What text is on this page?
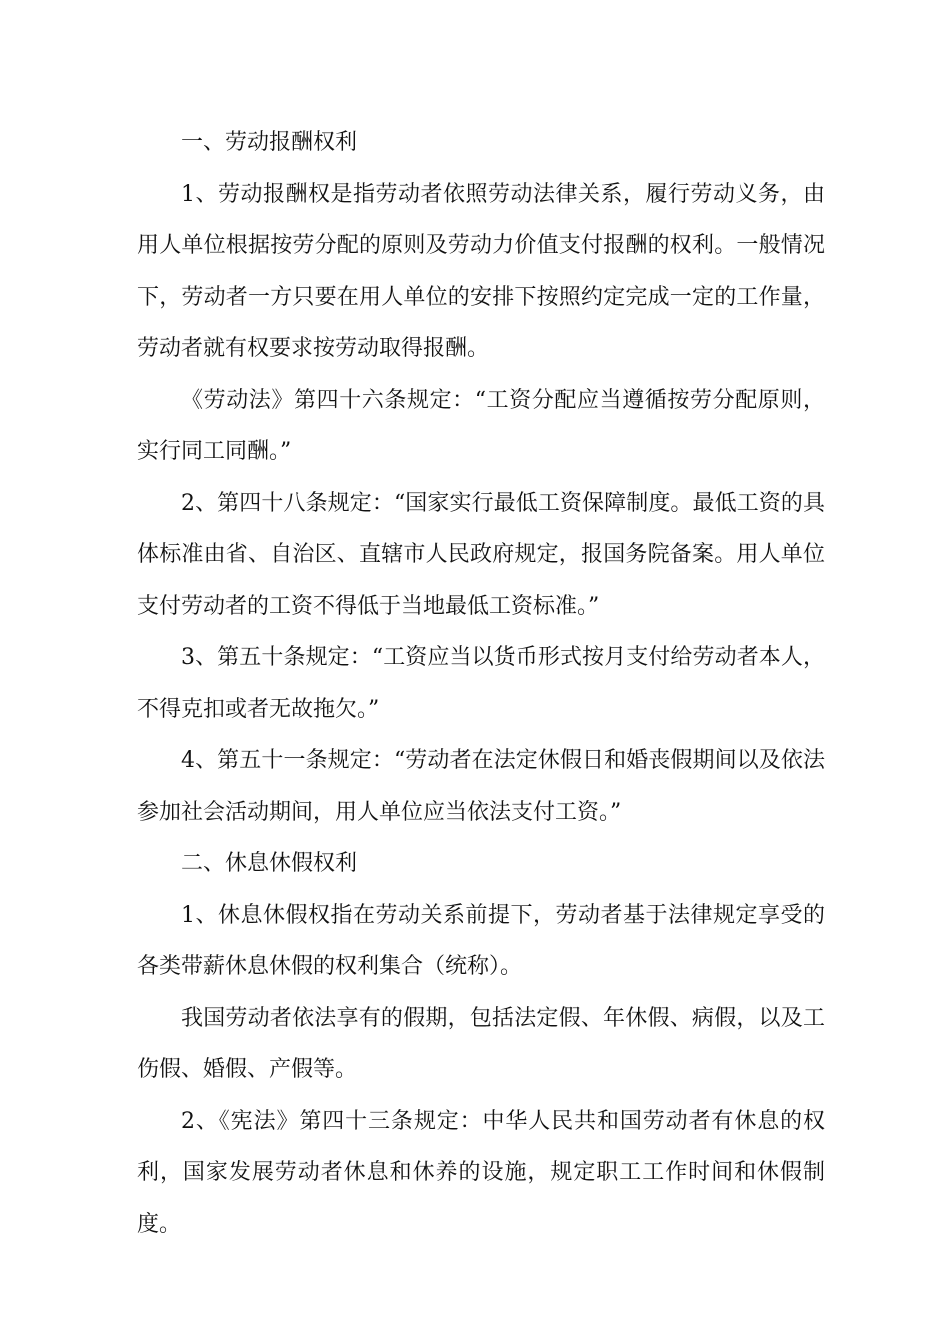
一、劳动报酬权利

1、劳动报酬权是指劳动者依照劳动法律关系，履行劳动义务，由用人单位根据按劳分配的原则及劳动力价值支付报酬的权利。一般情况下，劳动者一方只要在用人单位的安排下按照约定完成一定的工作量，劳动者就有权要求按劳动取得报酬。

《劳动法》第四十六条规定：“工资分配应当遵循按劳分配原则，实行同工同酬。”

2、第四十八条规定：“国家实行最低工资保障制度。最低工资的具体标准由省、自治区、直辖市人民政府规定，报国务院备案。用人单位支付劳动者的工资不得低于当地最低工资标准。”

3、第五十条规定：“工资应当以货币形式按月支付给劳动者本人，不得克扣或者无故拖欠。”

4、第五十一条规定：“劳动者在法定休假日和婚丧假期间以及依法参加社会活动期间，用人单位应当依法支付工资。”

二、休息休假权利

1、休息休假权指在劳动关系前提下，劳动者基于法律规定享受的各类带薪休息休假的权利集合（统称）。

我国劳动者依法享有的假期，包括法定假、年休假、病假，以及工伤假、婚假、产假等。

2、《宪法》第四十三条规定：中华人民共和国劳动者有休息的权利，国家发展劳动者休息和休养的设施，规定职工工作时间和休假制度。
